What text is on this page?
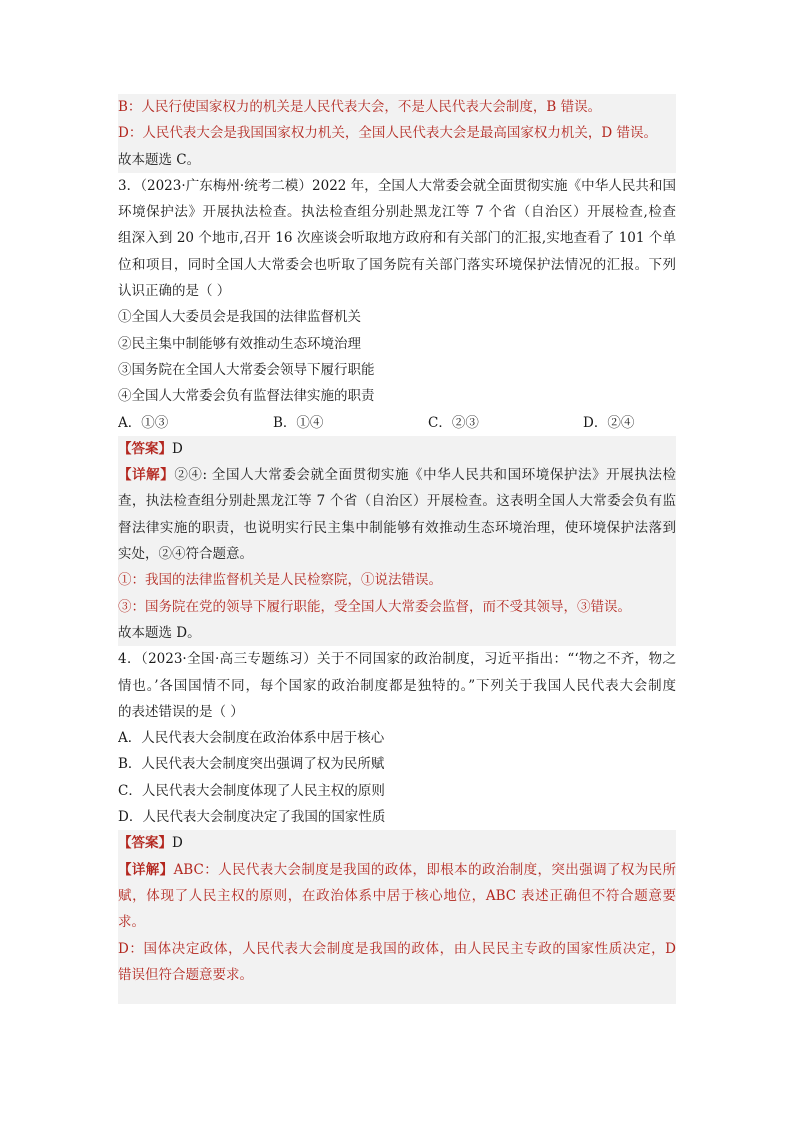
B：人民行使国家权力的机关是人民代表大会，不是人民代表大会制度，B 错误。
D：人民代表大会是我国国家权力机关，全国人民代表大会是最高国家权力机关，D 错误。
故本题选 C。
3．（2023·广东梅州·统考二模）2022 年，全国人大常委会就全面贯彻实施《中华人民共和国
环境保护法》开展执法检查。执法检查组分别赴黑龙江等 7 个省（自治区）开展检查,检查
组深入到 20 个地市,召开 16 次座谈会听取地方政府和有关部门的汇报,实地查看了 101 个单
位和项目，同时全国人大常委会也听取了国务院有关部门落实环境保护法情况的汇报。下列
认识正确的是（ ）
①全国人大委员会是我国的法律监督机关
②民主集中制能够有效推动生态环境治理
③国务院在全国人大常委会领导下履行职能
④全国人大常委会负有监督法律实施的职责
A．①③	B．①④	C．②③	D．②④
【答案】D
【详解】②④: 全国人大常委会就全面贯彻实施《中华人民共和国环境保护法》开展执法检
查，执法检查组分别赴黑龙江等 7 个省（自治区）开展检查。这表明全国人大常委会负有监
督法律实施的职责，也说明实行民主集中制能够有效推动生态环境治理，使环境保护法落到
实处，②④符合题意。
①：我国的法律监督机关是人民检察院，①说法错误。
③：国务院在党的领导下履行职能，受全国人大常委会监督，而不受其领导，③错误。
故本题选 D。
4．（2023·全国·高三专题练习）关于不同国家的政治制度，习近平指出：“‘物之不齐，物之
情也。’各国国情不同，每个国家的政治制度都是独特的。”下列关于我国人民代表大会制度
的表述错误的是（ ）
A．人民代表大会制度在政治体系中居于核心
B．人民代表大会制度突出强调了权为民所赋
C．人民代表大会制度体现了人民主权的原则
D．人民代表大会制度决定了我国的国家性质
【答案】D
【详解】ABC：人民代表大会制度是我国的政体，即根本的政治制度，突出强调了权为民所
赋，体现了人民主权的原则，在政治体系中居于核心地位，ABC 表述正确但不符合题意要
求。
D：国体决定政体，人民代表大会制度是我国的政体，由人民民主专政的国家性质决定，D
错误但符合题意要求。
